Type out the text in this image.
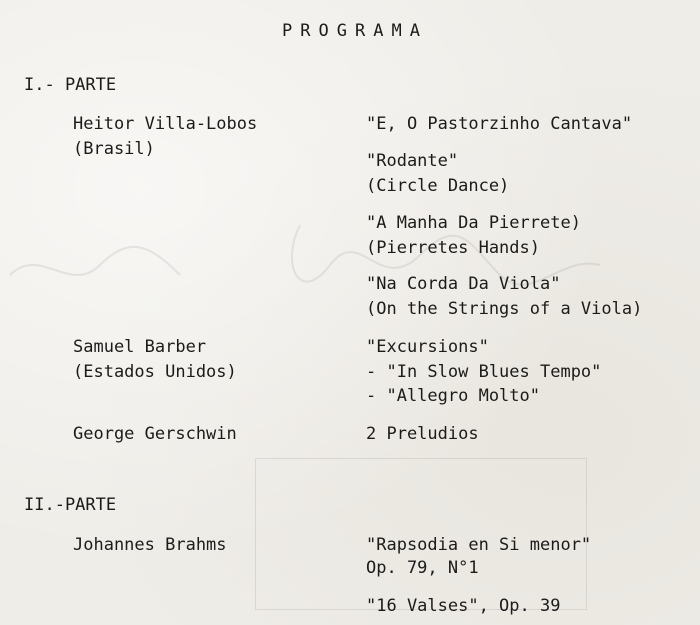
PROGRAMA
I.- PARTE
Heitor Villa-Lobos
(Brasil)
"E, O Pastorzinho Cantava"
"Rodante"
(Circle Dance)
"A Manha Da Pierrete)
(Pierretes Hands)
"Na Corda Da Viola"
(On the Strings of a Viola)
Samuel Barber
(Estados Unidos)
"Excursions"
- "In Slow Blues Tempo"
- "Allegro Molto"
George Gerschwin	2 Preludios
II.-PARTE
Johannes Brahms	"Rapsodia en Si menor"
Op. 79, N°1
"16 Valses", Op. 39
